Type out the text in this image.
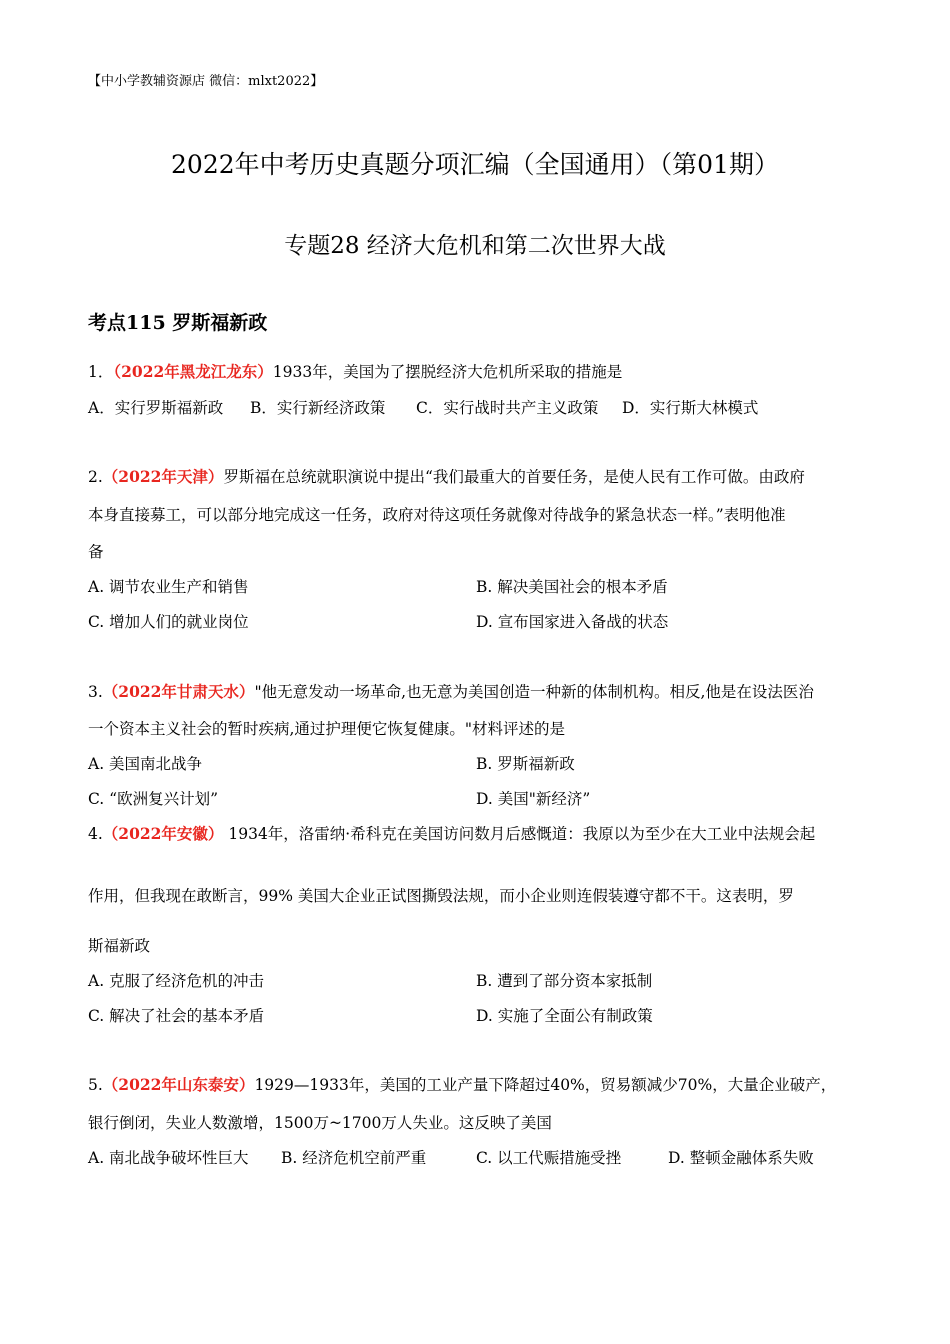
【中小学教辅资源店 微信：mlxt2022】
2022年中考历史真题分项汇编（全国通用）（第01期）
专题28 经济大危机和第二次世界大战
考点115 罗斯福新政
1．（2022年黑龙江龙东）1933年，美国为了摆脱经济大危机所采取的措施是
A．实行罗斯福新政 B．实行新经济政策 C．实行战时共产主义政策 D．实行斯大林模式
2.（2022年天津）罗斯福在总统就职演说中提出“我们最重大的首要任务，是使人民有工作可做。由政府
本身直接募工，可以部分地完成这一任务，政府对待这项任务就像对待战争的紧急状态一样。”表明他准
备
A. 调节农业生产和销售	B. 解决美国社会的根本矛盾
C. 增加人们的就业岗位	D. 宣布国家进入备战的状态
3.（2022年甘肃天水）"他无意发动一场革命,也无意为美国创造一种新的体制机构。相反,他是在设法医治
一个资本主义社会的暂时疾病,通过护理便它恢复健康。"材料评述的是
A. 美国南北战争	B. 罗斯福新政
C. “欧洲复兴计划”	D. 美国"新经济”
4.（2022年安徽） 1934年，洛雷纳·希科克在美国访问数月后感慨道：我原以为至少在大工业中法规会起
作用，但我现在敢断言，99% 美国大企业正试图撕毁法规，而小企业则连假装遵守都不干。这表明，罗
斯福新政
A. 克服了经济危机的冲击	B. 遭到了部分资本家抵制
C. 解决了社会的基本矛盾	D. 实施了全面公有制政策
5.（2022年山东泰安）1929—1933年，美国的工业产量下降超过40%，贸易额减少70%，大量企业破产，
银行倒闭，失业人数激增，1500万~1700万人失业。这反映了美国
A. 南北战争破坏性巨大 B. 经济危机空前严重	C. 以工代赈措施受挫	D. 整顿金融体系失败
